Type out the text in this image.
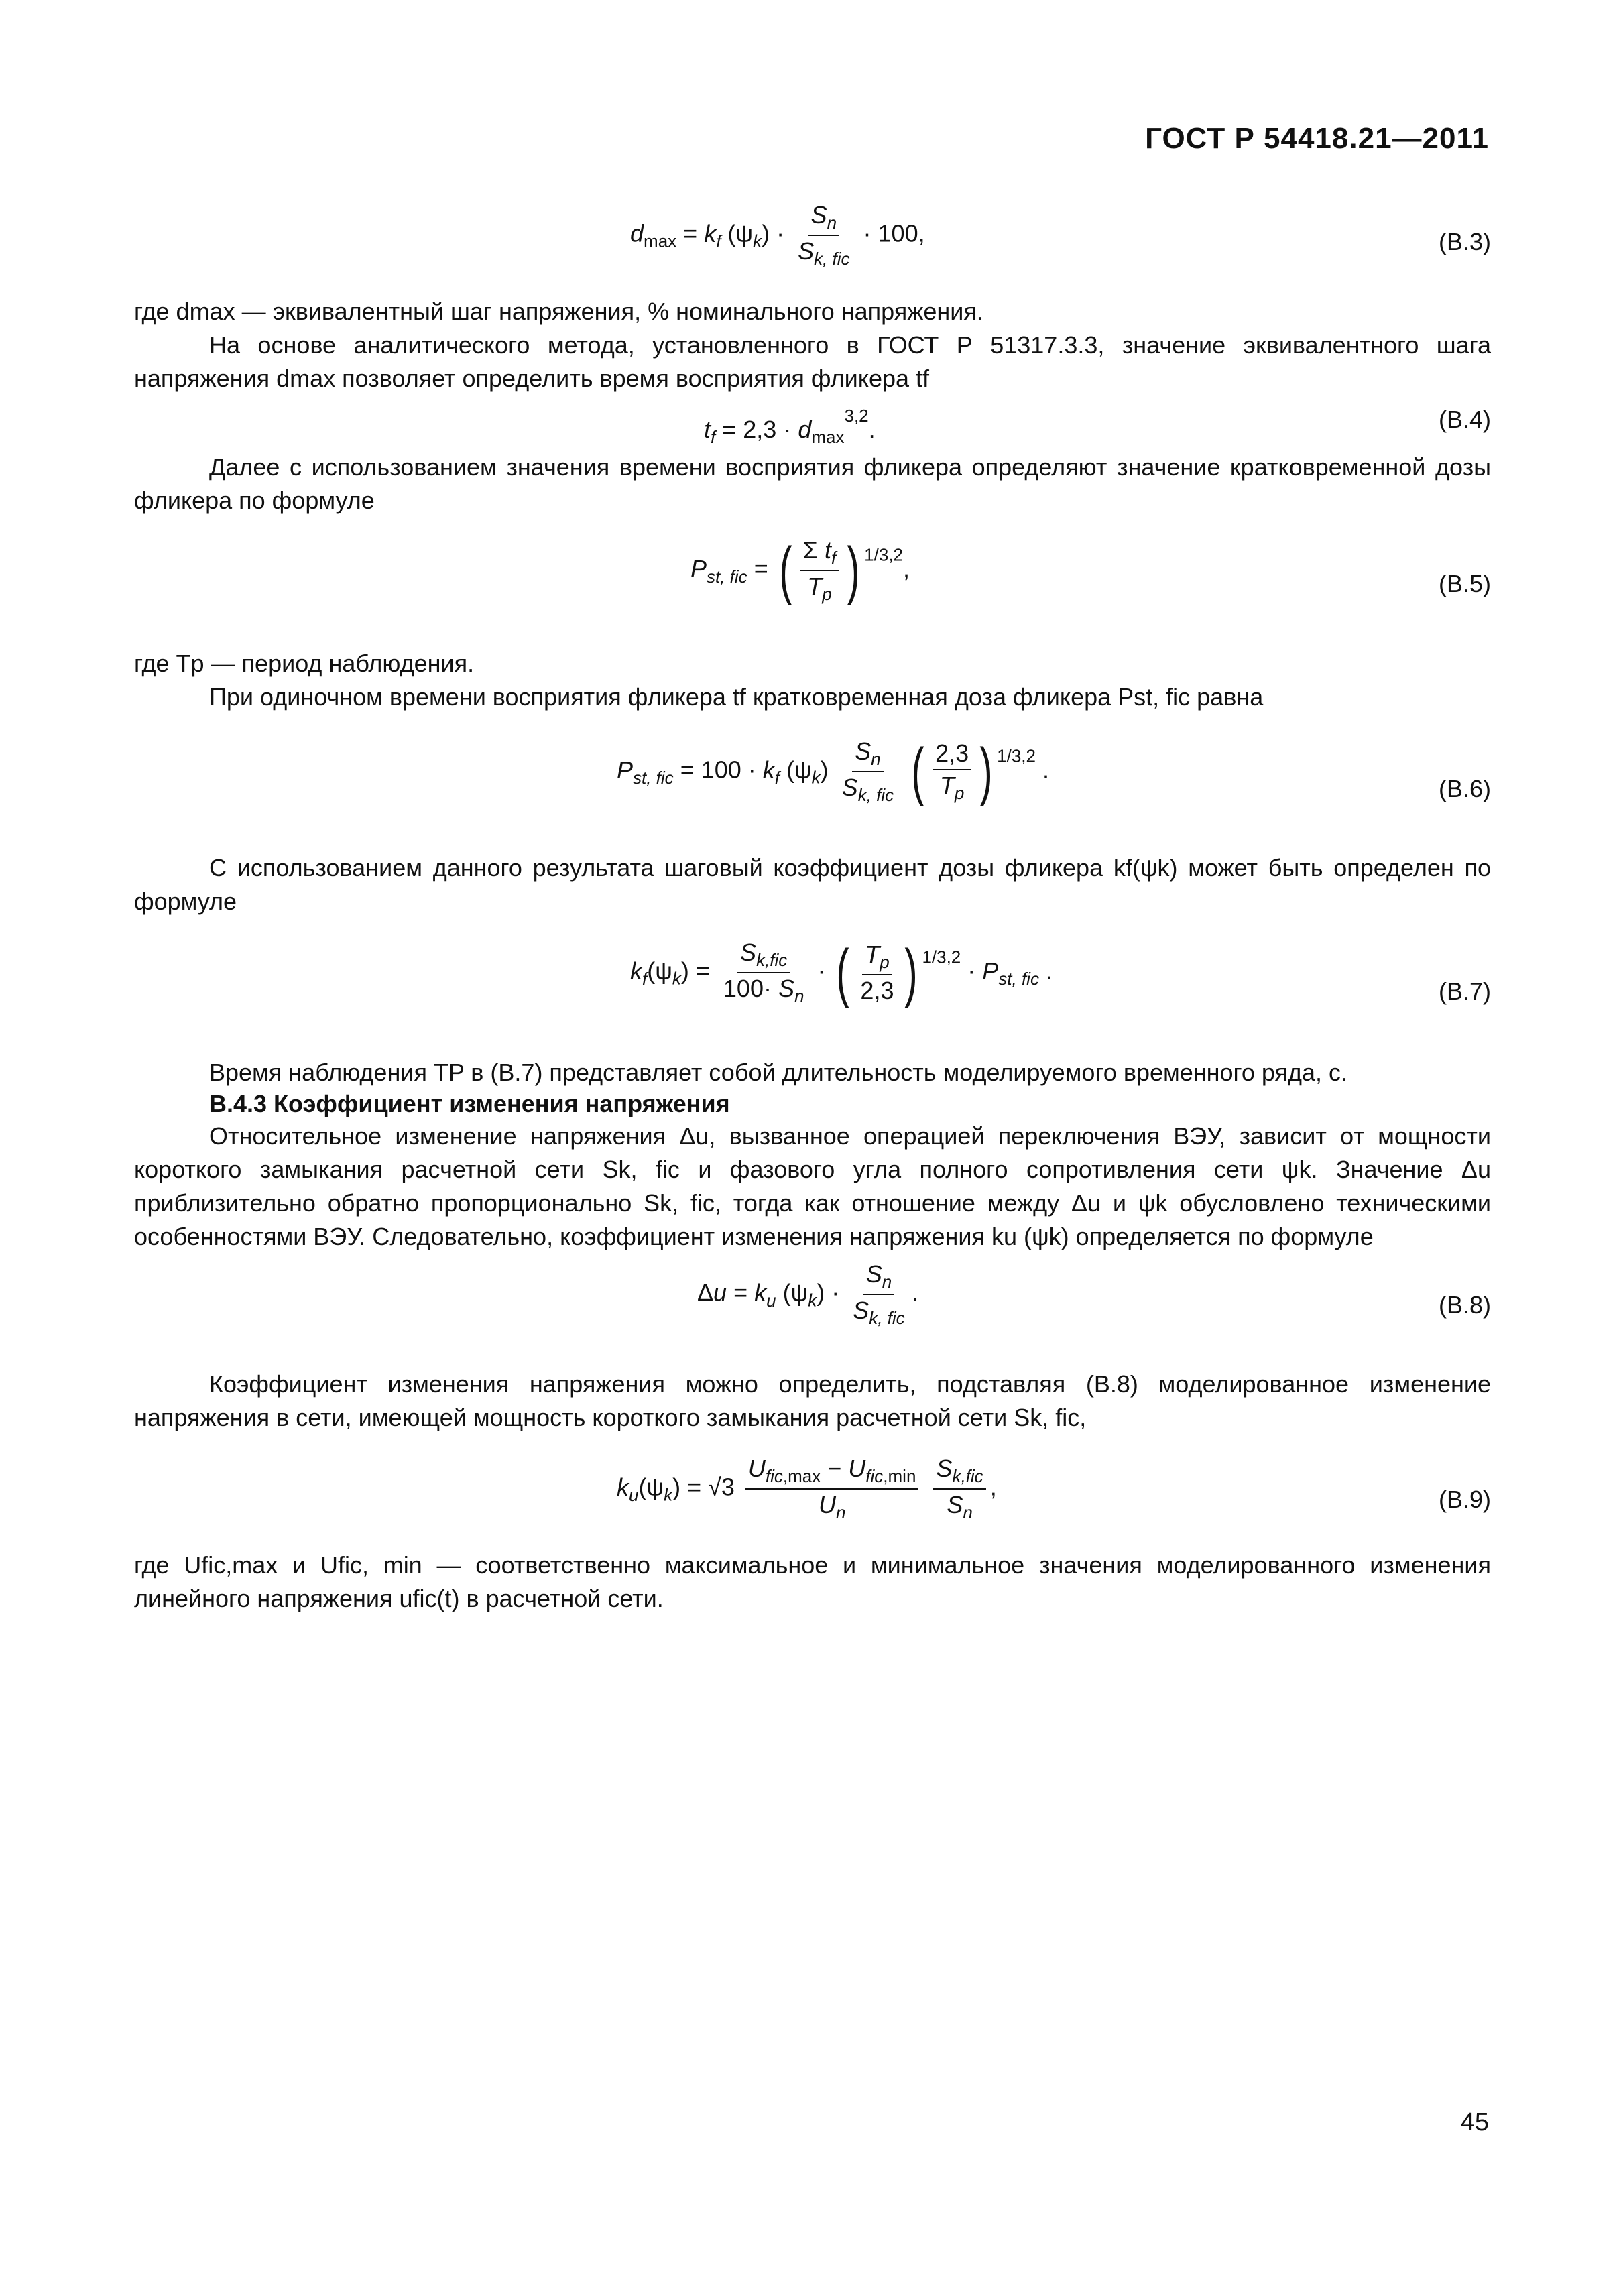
ГОСТ Р 54418.21—2011
$d_{max} = k_f$ $(\psi_k) \cdot \frac{S_n}{S_{k, fic}} \cdot 100$,	(B.3)
где dmax — эквивалентный шаг напряжения, % номинального напряжения.
На основе аналитического метода, установленного в ГОСТ Р 51317.3.3, значение эквивалентного шага напряжения dmax позволяет определить время восприятия фликера tf
$t_f = 2,3 \cdot d_{max}^{3,2}$.	(B.4)
Далее с использованием значения времени восприятия фликера определяют значение кратковременной дозы фликера по формуле
$P_{st, fic}$ = ( $\frac{\Sigma t_f}{T_p}$ ) $^{1/3,2}$,
(B.5)
где Tp — период наблюдения.
При одиночном времени восприятия фликера tf кратковременная доза фликера Pst, fic равна
$P_{st, fic} = 100 \cdot k_f$ $(\psi_k) \frac{S_n}{S_{k, fic}}$ ( $\frac{2,3}{T_p}$ ) $^{1/3,2}$ .
(B.6)
С использованием данного результата шаговый коэффициент дозы фликера kf(ψk) может быть определен по формуле
$k_f(\psi_k) = \frac{S_{k,fic}}{100\cdot S_n}$ · ( $\frac{T_p}{2,3}$ ) $^{1/3,2} \cdot P_{st, fic}$ .
(B.7)
Время наблюдения TP в (B.7) представляет собой длительность моделируемого временного ряда, с.
B.4.3 Коэффициент изменения напряжения
Относительное изменение напряжения Δu, вызванное операцией переключения ВЭУ, зависит от мощности короткого замыкания расчетной сети Sk, fic и фазового угла полного сопротивления сети ψk. Значение Δu приблизительно обратно пропорционально Sk, fic, тогда как отношение между Δu и ψk обусловлено техническими особенностями ВЭУ. Следовательно, коэффициент изменения напряжения ku (ψk) определяется по формуле
$\Delta u = k_u$ $(\psi_k) \cdot \frac{S_n}{S_{k, fic}}$ .	(B.8)
Коэффициент изменения напряжения можно определить, подставляя (B.8) моделированное изменение напряжения в сети, имеющей мощность короткого замыкания расчетной сети Sk, fic,
$k_u(\psi_k) = √3 \frac{U_{fic,max} - U_{fic,min}}{U_n}$
$\frac{S_{k,fic}}{S_n}$ ,	(B.9)
где Ufic,max и Ufic, min — соответственно максимальное и минимальное значения моделированного изменения линейного напряжения ufic(t) в расчетной сети.
45
